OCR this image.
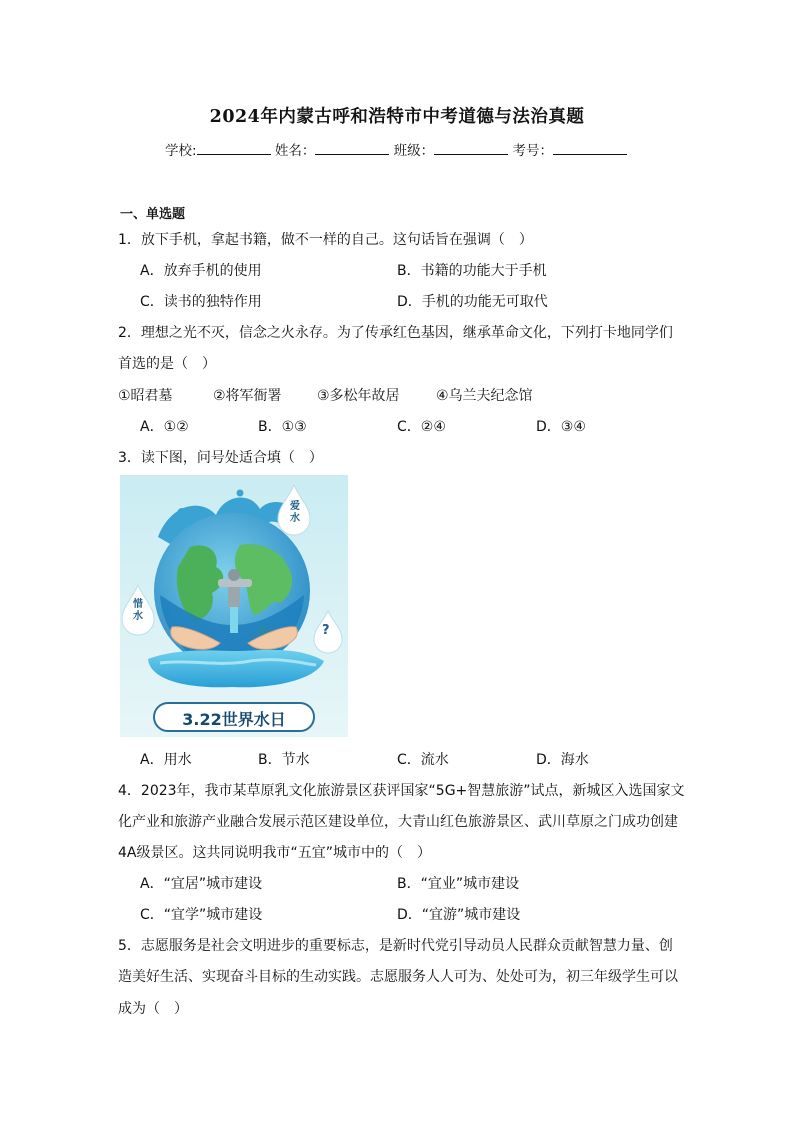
2024年内蒙古呼和浩特市中考道德与法治真题
学校:	姓名：	班级：	考号：
一、单选题
1．放下手机，拿起书籍，做不一样的自己。这句话旨在强调（　）
A．放弃手机的使用	B．书籍的功能大于手机
C．读书的独特作用	D．手机的功能无可取代
2．理想之光不灭，信念之火永存。为了传承红色基因，继承革命文化，下列打卡地同学们
首选的是（　）
①昭君墓	②将军衙署	③多松年故居	④乌兰夫纪念馆
A．①②	B．①③	C．②④	D．③④
3．读下图，问号处适合填（　）
爱水
惜水
?
3.22世界水日
A．用水	B．节水	C．流水	D．海水
4．2023年，我市某草原乳文化旅游景区获评国家“5G+智慧旅游”试点，新城区入选国家文
化产业和旅游产业融合发展示范区建设单位，大青山红色旅游景区、武川草原之门成功创建
4A级景区。这共同说明我市“五宜”城市中的（　）
A．“宜居”城市建设	B．“宜业”城市建设
C．“宜学”城市建设	D．“宜游”城市建设
5．志愿服务是社会文明进步的重要标志，是新时代党引导动员人民群众贡献智慧力量、创
造美好生活、实现奋斗目标的生动实践。志愿服务人人可为、处处可为，初三年级学生可以
成为（　）
